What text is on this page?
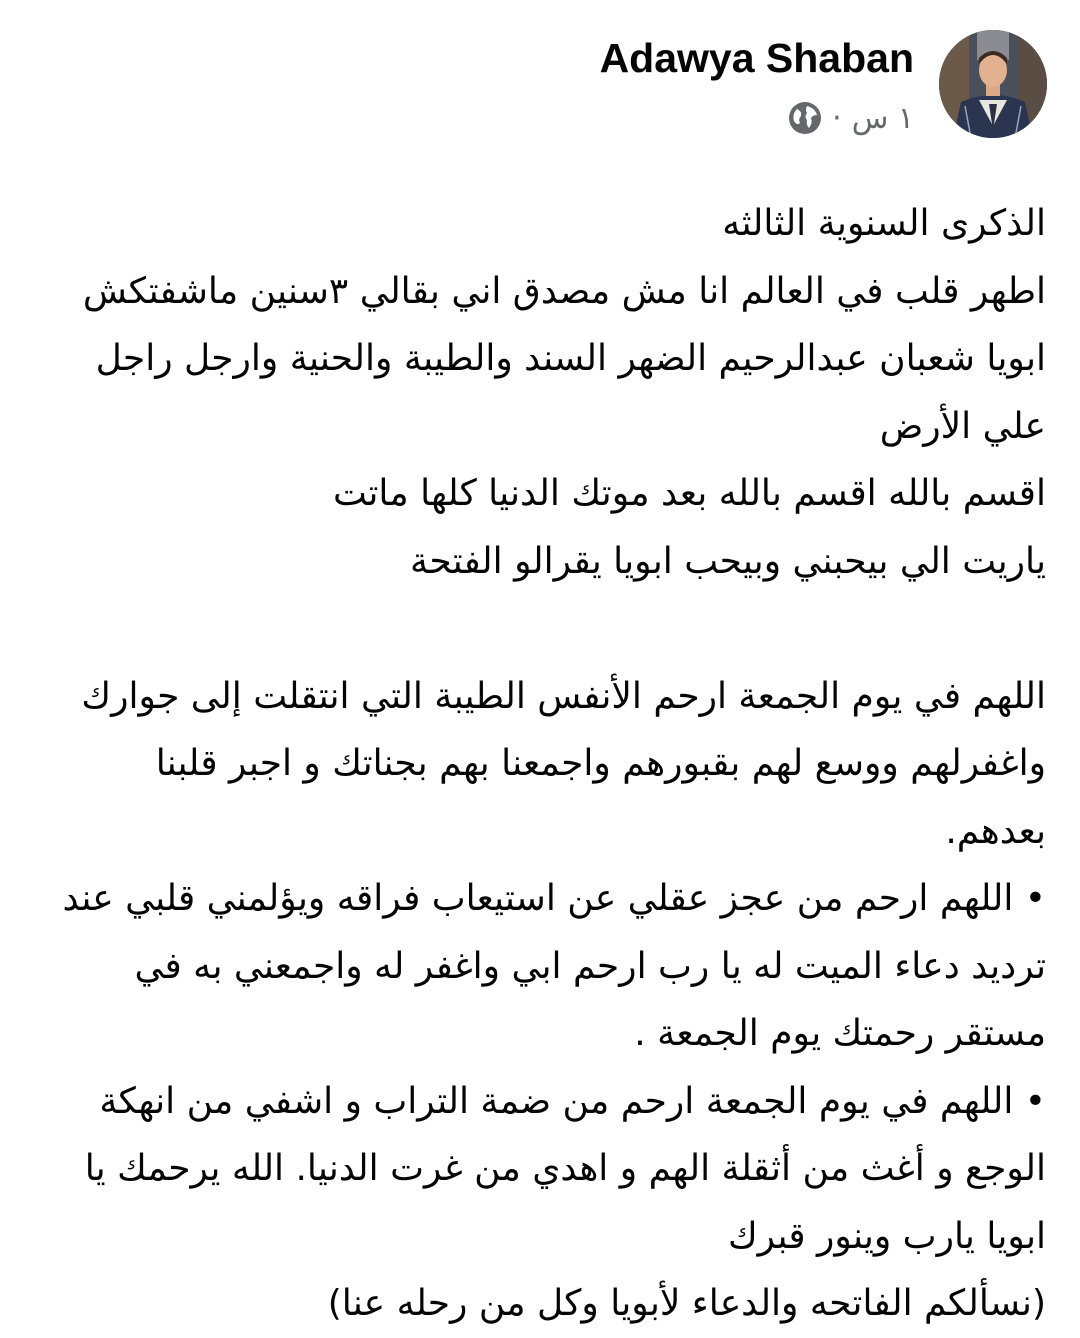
Adawya Shaban
١ س
·
الذكرى السنوية الثالثه
اطهر قلب في العالم انا مش مصدق اني بقالي ٣سنين ماشفتكش
ابويا شعبان عبدالرحيم الضهر السند والطيبة والحنية وارجل راجل
علي الأرض
اقسم بالله اقسم بالله بعد موتك الدنيا كلها ماتت
ياريت الي بيحبني وبيحب ابويا يقرالو الفتحة
اللهم في يوم الجمعة ارحم الأنفس الطيبة التي انتقلت إلى جوارك
واغفرلهم ووسع لهم بقبورهم واجمعنا بهم بجناتك و اجبر قلبنا
بعدهم.
• اللهم ارحم من عجز عقلي عن استيعاب فراقه ويؤلمني قلبي عند
ترديد دعاء الميت له يا رب ارحم ابي واغفر له واجمعني به في
مستقر رحمتك يوم الجمعة .
• اللهم في يوم الجمعة ارحم من ضمة التراب و اشفي من انهكة
الوجع و أغث من أثقلة الهم و اهدي من غرت الدنيا. الله يرحمك يا
ابويا يارب وينور قبرك
(نسألكم الفاتحه والدعاء لأبويا وكل من رحله عنا)
